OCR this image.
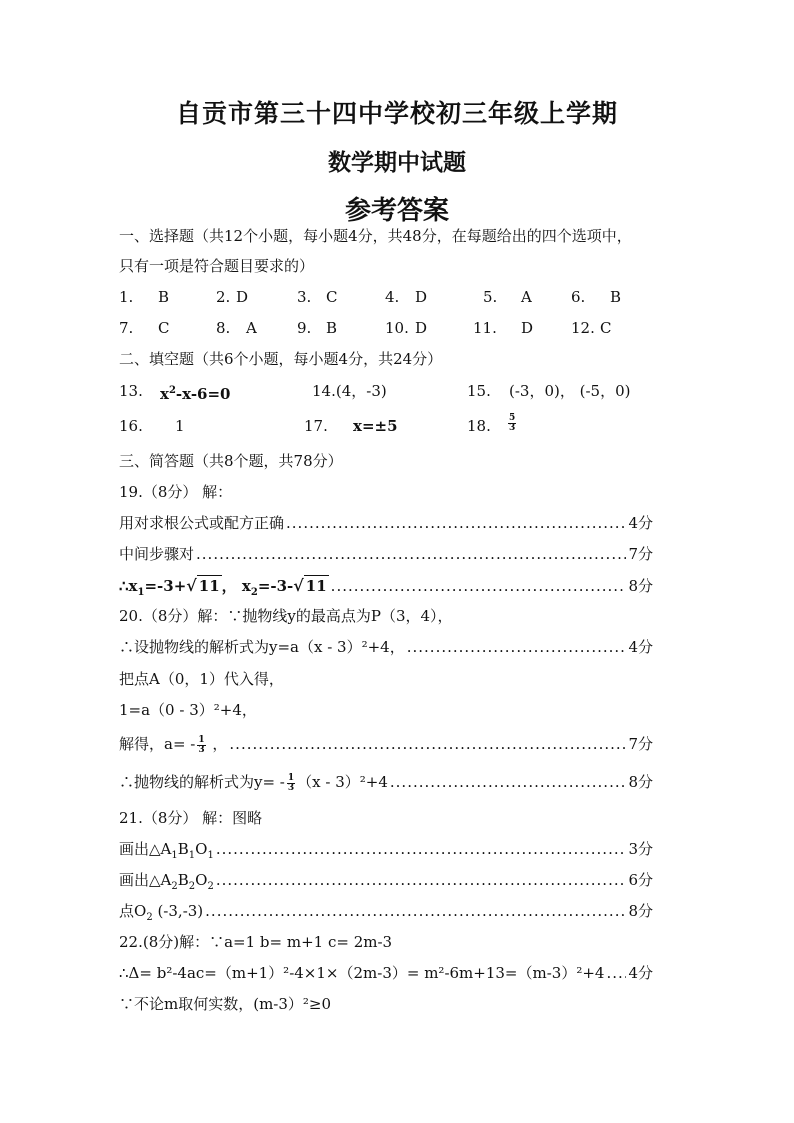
自贡市第三十四中学校初三年级上学期
数学期中试题
参考答案
一、选择题（共12个小题，每小题4分，共48分，在每题给出的四个选项中，
只有一项是符合题目要求的）
1. B	2. D	3. C	4. D	5. A	6. B
7. C	8. A	9. B	10. D	11. D	12. C
二、填空题（共6个小题，每小题4分，共24分）
13. $x^2-x-6=0$	14.(4，-3)	15. (-3，0)， (-5，0)
16. 1	17. x=±5	18. $\frac{5}{3}$
三、简答题（共8个题，共78分）
19.（8分） 解：
用对求根公式或配方正确 .....	4分
中间步骤对 .....	7分
$\therefore x_1=-3+√$ 11 ， $x_2=-3-√$ 11 .....	8分
20.（8分）解：∵抛物线y的最高点为P（3，4），
∴设抛物线的解析式为y=a（x - 3）²+4， .....	4分
把点A（0，1）代入得，
1=a（0 - 3）²+4，
解得，$a= - \frac{1}{3}$ ， .....	7分
∴抛物线的解析式为$y= - \frac{1}{3} (x - 3)^2+4$ .....	8分
21.（8分） 解：图略
画出$\triangle A_1B_1O_1$ .....	3分
画出$\triangle A_2B_2O_2$ .....	6分
点$O_2$ (-3,-3) .....	8分
22.(8分)解：∵a=1 b= m+1 c= 2m-3
∴Δ= b²-4ac=（m+1）²-4×1×（2m-3）= m²-6m+13=（m-3）²+4 ..... 4分
∵不论m取何实数，(m-3）²≥0
